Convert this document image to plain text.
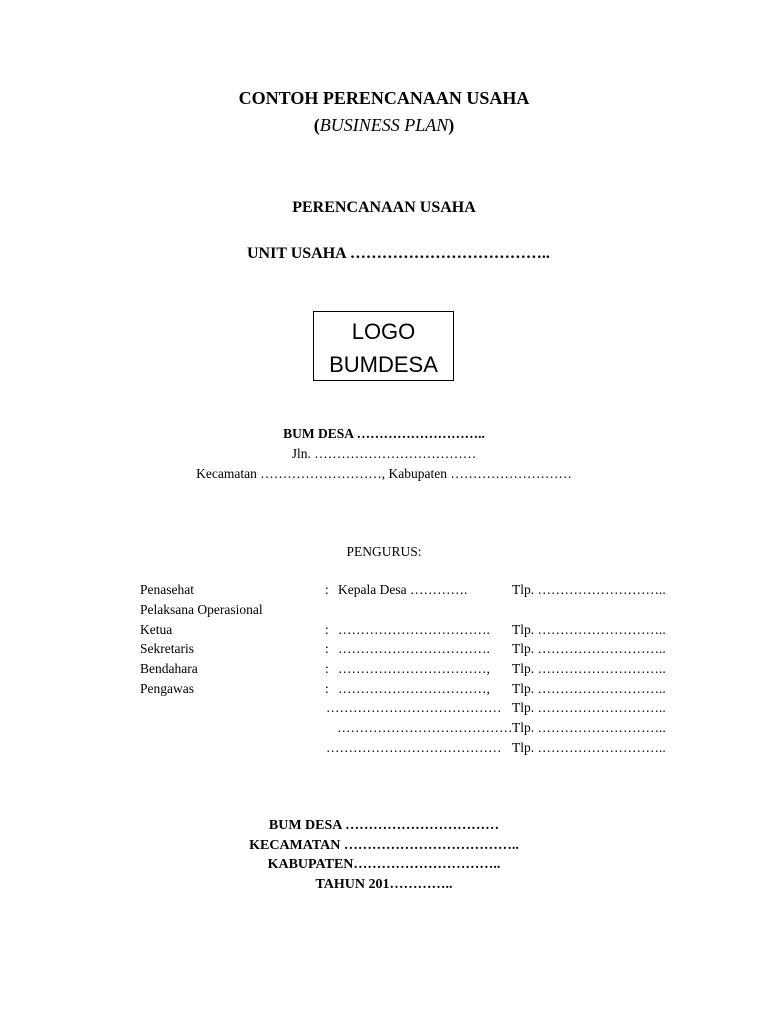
CONTOH PERENCANAAN USAHA
(BUSINESS PLAN)
PERENCANAAN USAHA
UNIT USAHA ………………………………..
LOGO
BUMDESA
BUM DESA ………………………..
Jln. ………………………………
Kecamatan ………………………, Kabupaten ………………………
PENGURUS:
Penasehat	: Kepala Desa ………….	Tlp. ………………………..
Pelaksana Operasional
Ketua	: ……………………………. Tlp. ………………………..
Sekretaris	: ……………………………. Tlp. ………………………..
Bendahara	: ……………………………, Tlp. ………………………..
Pengawas	: ……………………………, Tlp. ………………………..
………………………………… Tlp. ………………………..
………………………………… Tlp. ………………………..
………………………………… Tlp. ………………………..
BUM DESA ……………………………
KECAMATAN ………………………………..
KABUPATEN…………………………..
TAHUN 201…………..
